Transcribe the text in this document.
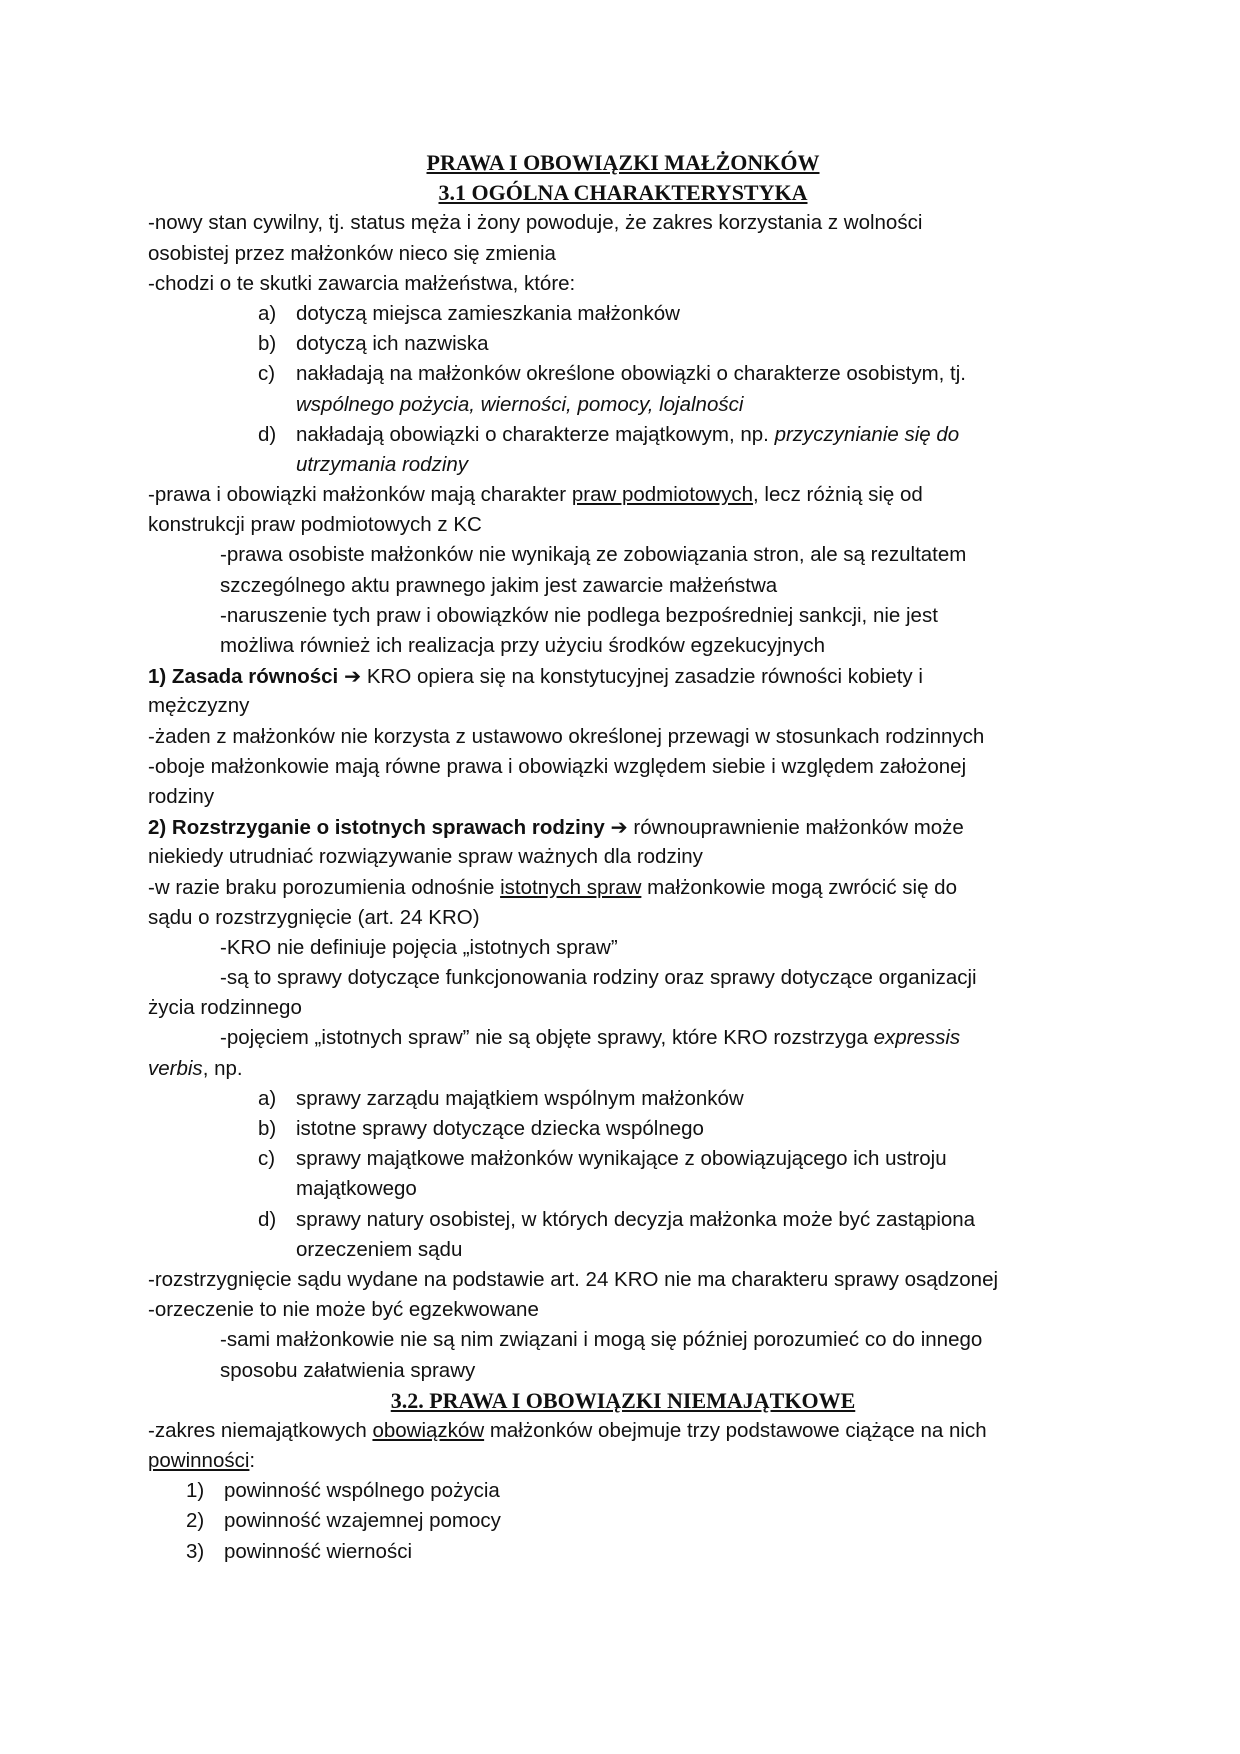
PRAWA I OBOWIĄZKI MAŁŻONKÓW
3.1 OGÓLNA CHARAKTERYSTYKA
-nowy stan cywilny, tj. status męża i żony powoduje, że zakres korzystania z wolności
osobistej przez małżonków nieco się zmienia
-chodzi o te skutki zawarcia małżeństwa, które:
a) dotyczą miejsca zamieszkania małżonków
b) dotyczą ich nazwiska
c)	nakładają na małżonków określone obowiązki o charakterze osobistym, tj.
wspólnego pożycia, wierności, pomocy, lojalności
d) nakładają obowiązki o charakterze majątkowym, np. przyczynianie się do
utrzymania rodziny
-prawa i obowiązki małżonków mają charakter praw podmiotowych, lecz różnią się od
konstrukcji praw podmiotowych z KC
-prawa osobiste małżonków nie wynikają ze zobowiązania stron, ale są rezultatem
szczególnego aktu prawnego jakim jest zawarcie małżeństwa
-naruszenie tych praw i obowiązków nie podlega bezpośredniej sankcji, nie jest
możliwa również ich realizacja przy użyciu środków egzekucyjnych
1) Zasada równości ➔ KRO opiera się na konstytucyjnej zasadzie równości kobiety i
mężczyzny
-żaden z małżonków nie korzysta z ustawowo określonej przewagi w stosunkach rodzinnych
-oboje małżonkowie mają równe prawa i obowiązki względem siebie i względem założonej
rodziny
2) Rozstrzyganie o istotnych sprawach rodziny ➔ równouprawnienie małżonków może
niekiedy utrudniać rozwiązywanie spraw ważnych dla rodziny
-w razie braku porozumienia odnośnie istotnych spraw małżonkowie mogą zwrócić się do
sądu o rozstrzygnięcie (art. 24 KRO)
-KRO nie definiuje pojęcia „istotnych spraw”
-są to sprawy dotyczące funkcjonowania rodziny oraz sprawy dotyczące organizacji
życia rodzinnego
-pojęciem „istotnych spraw” nie są objęte sprawy, które KRO rozstrzyga expressis
verbis, np.
a) sprawy zarządu majątkiem wspólnym małżonków
b) istotne sprawy dotyczące dziecka wspólnego
c)	sprawy majątkowe małżonków wynikające z obowiązującego ich ustroju
majątkowego
d) sprawy natury osobistej, w których decyzja małżonka może być zastąpiona
orzeczeniem sądu
-rozstrzygnięcie sądu wydane na podstawie art. 24 KRO nie ma charakteru sprawy osądzonej
-orzeczenie to nie może być egzekwowane
-sami małżonkowie nie są nim związani i mogą się później porozumieć co do innego
sposobu załatwienia sprawy
3.2. PRAWA I OBOWIĄZKI NIEMAJĄTKOWE
-zakres niemajątkowych obowiązków małżonków obejmuje trzy podstawowe ciążące na nich
powinności:
1) powinność wspólnego pożycia
2) powinność wzajemnej pomocy
3) powinność wierności
